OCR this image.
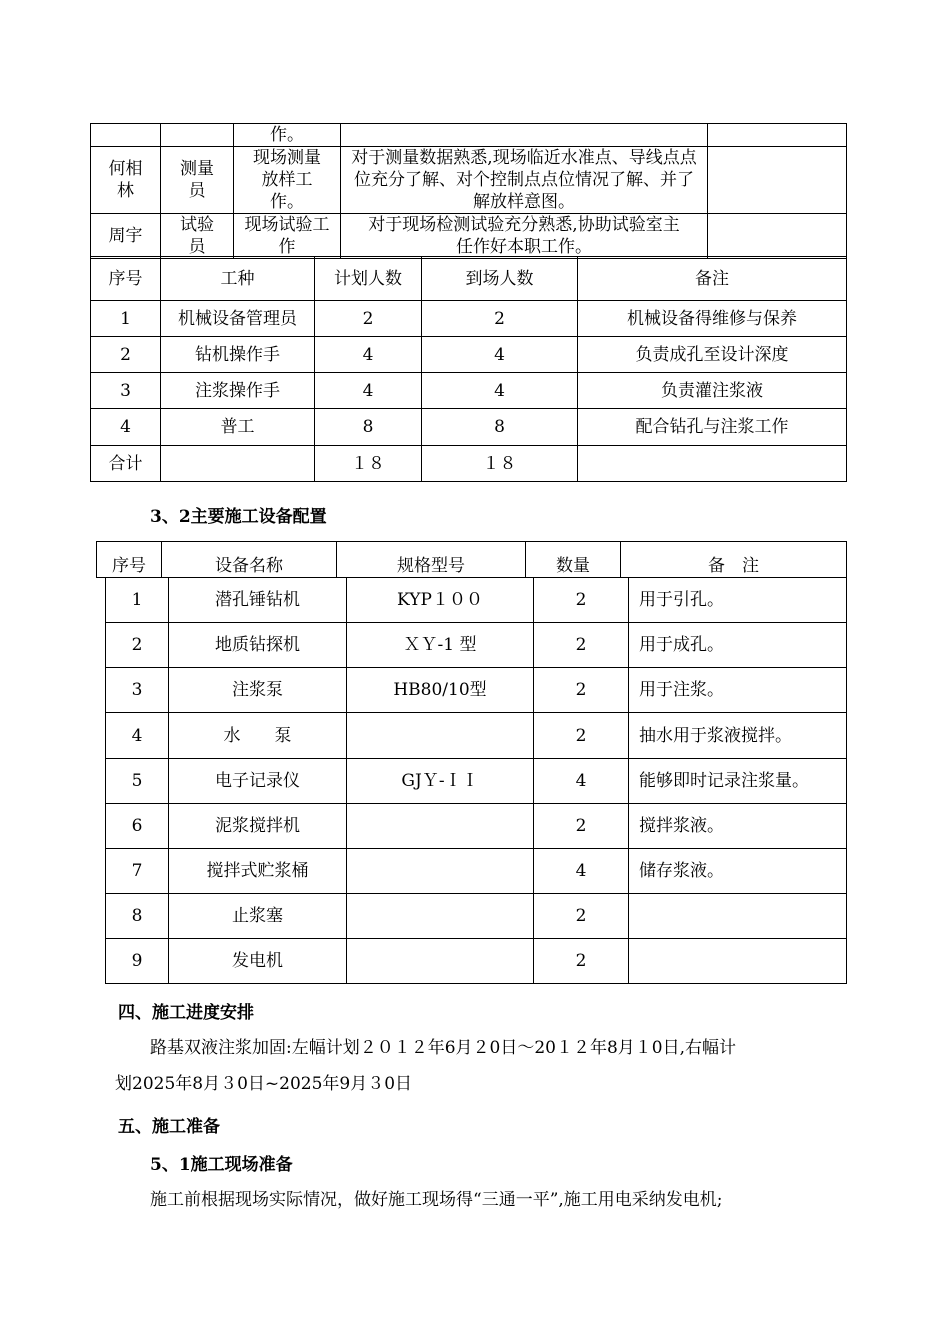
		作。		
何相林	测量员	现场测量放样工作。	对于测量数据熟悉,现场临近水准点、导线点点位充分了解、对个控制点点位情况了解、并了解放样意图。	
周宇	试验员	现场试验工作	对于现场检测试验充分熟悉,协助试验室主任作好本职工作。	
序号	工种	计划人数	到场人数	备注
1	机械设备管理员	2	2	机械设备得维修与保养
2	钻机操作手	4	4	负责成孔至设计深度
3	注浆操作手	4	4	负责灌注浆液
4	普工	8	8	配合钻孔与注浆工作
合计		１８	１８	
3、2主要施工设备配置
序号	设备名称	规格型号	数量	备　注
1	潜孔锤钻机	KYP１００	2	用于引孔。
2	地质钻探机	ＸＹ-1 型	2	用于成孔。
3	注浆泵	HB80/10型	2	用于注浆。
4	水　　泵		2	抽水用于浆液搅拌。
5	电子记录仪	GJＹ-ＩＩ	4	能够即时记录注浆量。
6	泥浆搅拌机		2	搅拌浆液。
7	搅拌式贮浆桶		4	储存浆液。
8	止浆塞		2	
9	发电机		2	
四、施工进度安排
路基双液注浆加固:左幅计划２０１２年6月２0日～20１２年8月１0日,右幅计
划2025年8月３0日~2025年9月３0日
五、施工准备
5、1施工现场准备
施工前根据现场实际情况，做好施工现场得“三通一平”,施工用电采纳发电机;
